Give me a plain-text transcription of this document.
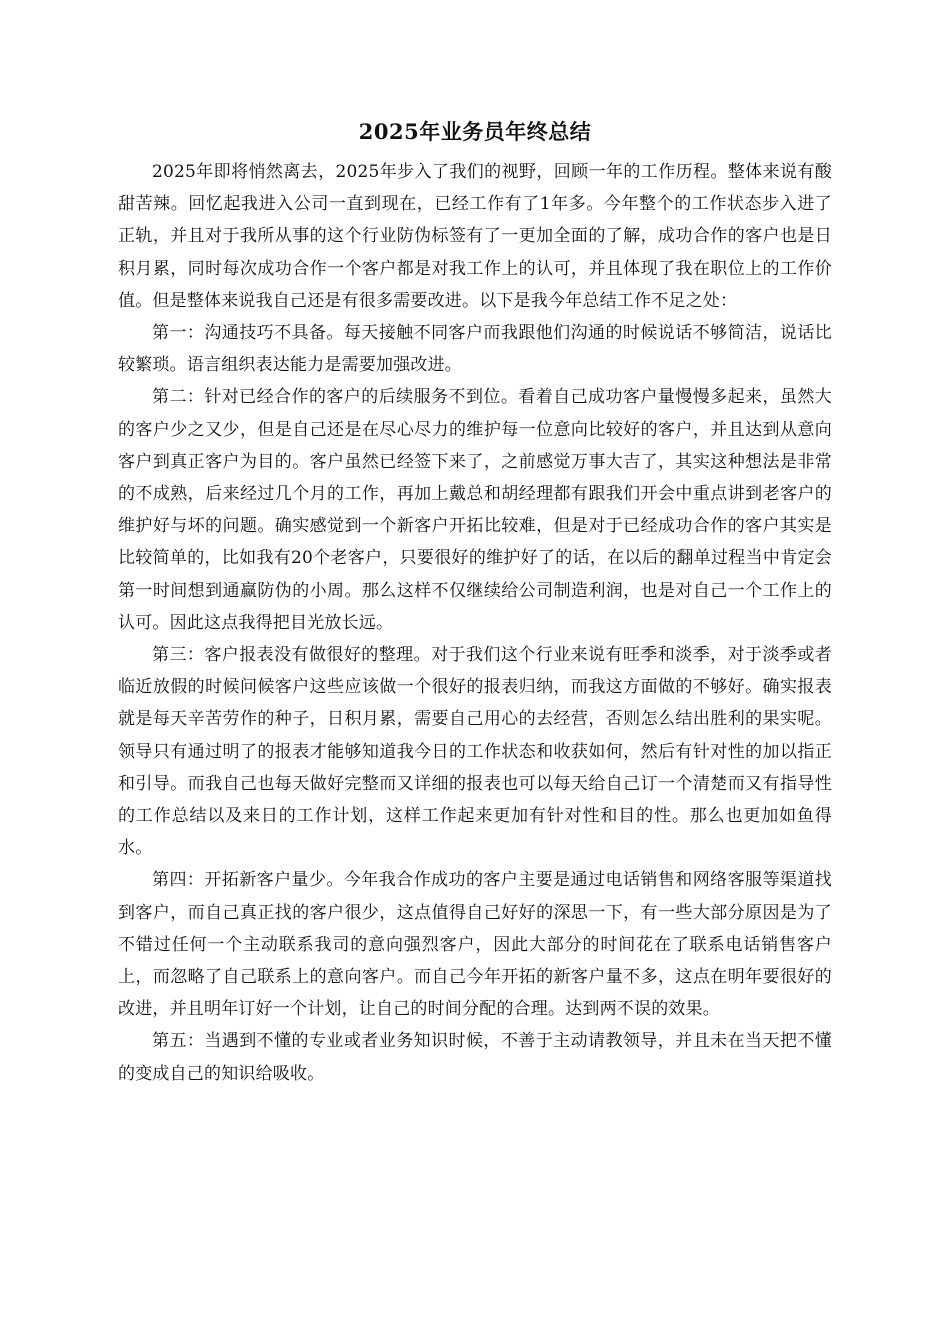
2025年业务员年终总结

2025年即将悄然离去，2025年步入了我们的视野，回顾一年的工作历程。整体来说有酸甜苦辣。回忆起我进入公司一直到现在，已经工作有了1年多。今年整个的工作状态步入进了正轨，并且对于我所从事的这个行业防伪标签有了一更加全面的了解，成功合作的客户也是日积月累，同时每次成功合作一个客户都是对我工作上的认可，并且体现了我在职位上的工作价值。但是整体来说我自己还是有很多需要改进。以下是我今年总结工作不足之处：

第一：沟通技巧不具备。每天接触不同客户而我跟他们沟通的时候说话不够简洁，说话比较繁琐。语言组织表达能力是需要加强改进。

第二：针对已经合作的客户的后续服务不到位。看着自己成功客户量慢慢多起来，虽然大的客户少之又少，但是自己还是在尽心尽力的维护每一位意向比较好的客户，并且达到从意向客户到真正客户为目的。客户虽然已经签下来了，之前感觉万事大吉了，其实这种想法是非常的不成熟，后来经过几个月的工作，再加上戴总和胡经理都有跟我们开会中重点讲到老客户的维护好与坏的问题。确实感觉到一个新客户开拓比较难，但是对于已经成功合作的客户其实是比较简单的，比如我有20个老客户，只要很好的维护好了的话，在以后的翻单过程当中肯定会第一时间想到通赢防伪的小周。那么这样不仅继续给公司制造利润，也是对自己一个工作上的认可。因此这点我得把目光放长远。

第三：客户报表没有做很好的整理。对于我们这个行业来说有旺季和淡季，对于淡季或者临近放假的时候问候客户这些应该做一个很好的报表归纳，而我这方面做的不够好。确实报表就是每天辛苦劳作的种子，日积月累，需要自己用心的去经营，否则怎么结出胜利的果实呢。领导只有通过明了的报表才能够知道我今日的工作状态和收获如何，然后有针对性的加以指正和引导。而我自己也每天做好完整而又详细的报表也可以每天给自己订一个清楚而又有指导性的工作总结以及来日的工作计划，这样工作起来更加有针对性和目的性。那么也更加如鱼得水。

第四：开拓新客户量少。今年我合作成功的客户主要是通过电话销售和网络客服等渠道找到客户，而自己真正找的客户很少，这点值得自己好好的深思一下，有一些大部分原因是为了不错过任何一个主动联系我司的意向强烈客户，因此大部分的时间花在了联系电话销售客户上，而忽略了自己联系上的意向客户。而自己今年开拓的新客户量不多，这点在明年要很好的改进，并且明年订好一个计划，让自己的时间分配的合理。达到两不误的效果。

第五：当遇到不懂的专业或者业务知识时候，不善于主动请教领导，并且未在当天把不懂的变成自己的知识给吸收。
